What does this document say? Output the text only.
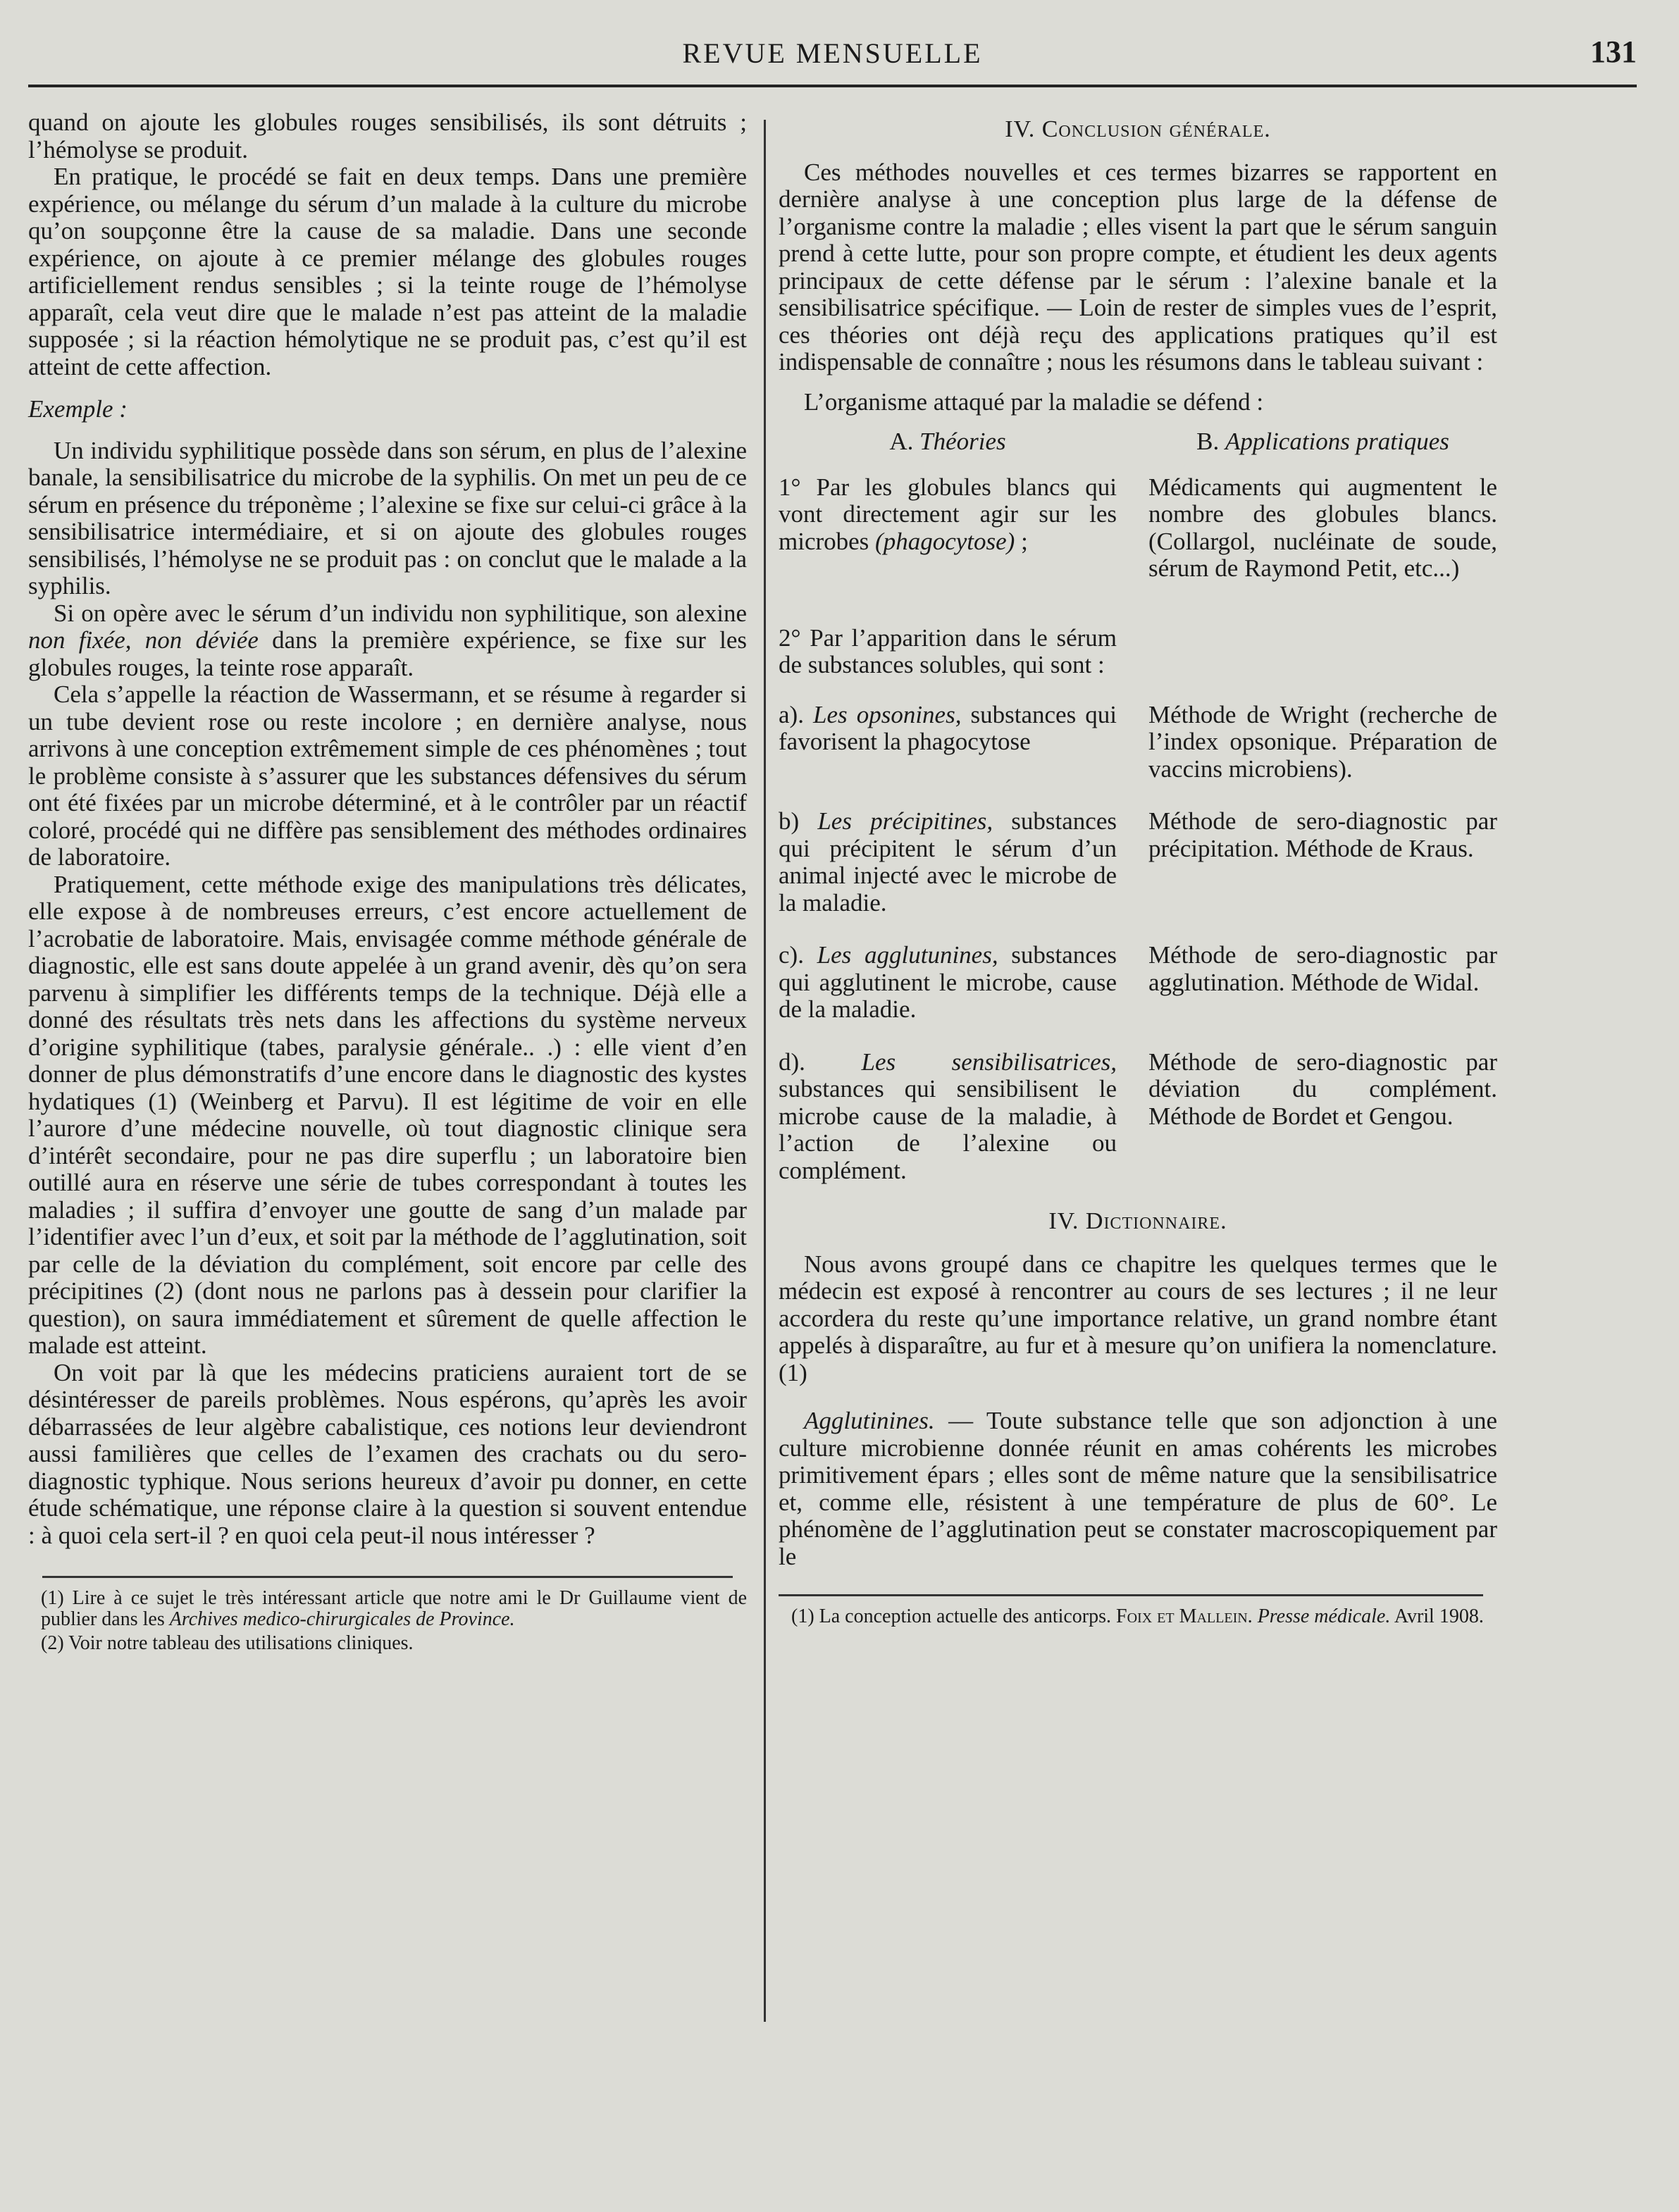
REVUE MENSUELLE	131

quand on ajoute les globules rouges sensibilisés, ils sont détruits ; l’hémolyse se produit.

En pratique, le procédé se fait en deux temps. Dans une première expérience, ou mélange du sérum d’un malade à la culture du microbe qu’on soupçonne être la cause de sa maladie. Dans une seconde expérience, on ajoute à ce premier mélange des globules rouges artificiellement rendus sensibles ; si la teinte rouge de l’hémolyse apparaît, cela veut dire que le malade n’est pas atteint de la maladie supposée ; si la réaction hémolytique ne se produit pas, c’est qu’il est atteint de cette affection.

Exemple :

Un individu syphilitique possède dans son sérum, en plus de l’alexine banale, la sensibilisatrice du microbe de la syphilis. On met un peu de ce sérum en présence du tréponème ; l’alexine se fixe sur celui-ci grâce à la sensibilisatrice intermédiaire, et si on ajoute des globules rouges sensibilisés, l’hémolyse ne se produit pas : on conclut que le malade a la syphilis.

Si on opère avec le sérum d’un individu non syphilitique, son alexine non fixée, non déviée dans la première expérience, se fixe sur les globules rouges, la teinte rose apparaît.

Cela s’appelle la réaction de Wassermann, et se résume à regarder si un tube devient rose ou reste incolore ; en dernière analyse, nous arrivons à une conception extrêmement simple de ces phénomènes ; tout le problème consiste à s’assurer que les substances défensives du sérum ont été fixées par un microbe déterminé, et à le contrôler par un réactif coloré, procédé qui ne diffère pas sensiblement des méthodes ordinaires de laboratoire.

Pratiquement, cette méthode exige des manipulations très délicates, elle expose à de nombreuses erreurs, c’est encore actuellement de l’acrobatie de laboratoire. Mais, envisagée comme méthode générale de diagnostic, elle est sans doute appelée à un grand avenir, dès qu’on sera parvenu à simplifier les différents temps de la technique. Déjà elle a donné des résultats très nets dans les affections du système nerveux d’origine syphilitique (tabes, paralysie générale.. .) : elle vient d’en donner de plus démonstratifs d’une encore dans le diagnostic des kystes hydatiques (1) (Weinberg et Parvu). Il est légitime de voir en elle l’aurore d’une médecine nouvelle, où tout diagnostic clinique sera d’intérêt secondaire, pour ne pas dire superflu ; un laboratoire bien outillé aura en réserve une série de tubes correspondant à toutes les maladies ; il suffira d’envoyer une goutte de sang d’un malade par l’identifier avec l’un d’eux, et soit par la méthode de l’agglutination, soit par celle de la déviation du complément, soit encore par celle des précipitines (2) (dont nous ne parlons pas à dessein pour clarifier la question), on saura immédiatement et sûrement de quelle affection le malade est atteint.

On voit par là que les médecins praticiens auraient tort de se désintéresser de pareils problèmes. Nous espérons, qu’après les avoir débarrassées de leur algèbre cabalistique, ces notions leur deviendront aussi familières que celles de l’examen des crachats ou du sero-diagnostic typhique. Nous serions heureux d’avoir pu donner, en cette étude schématique, une réponse claire à la question si souvent entendue : à quoi cela sert-il ? en quoi cela peut-il nous intéresser ?

(1) Lire à ce sujet le très intéressant article que notre ami le Dr Guillaume vient de publier dans les Archives medico-chirurgicales de Province.

(2) Voir notre tableau des utilisations cliniques.

IV. Conclusion générale.

Ces méthodes nouvelles et ces termes bizarres se rapportent en dernière analyse à une conception plus large de la défense de l’organisme contre la maladie ; elles visent la part que le sérum sanguin prend à cette lutte, pour son propre compte, et étudient les deux agents principaux de cette défense par le sérum : l’alexine banale et la sensibilisatrice spécifique. — Loin de rester de simples vues de l’esprit, ces théories ont déjà reçu des applications pratiques qu’il est indispensable de connaître ; nous les résumons dans le tableau suivant :

L’organisme attaqué par la maladie se défend :

A. Théories	B. Applications pratiques
1° Par les globules blancs qui vont directement agir sur les microbes (phagocytose) ;
Médicaments qui augmentent le nombre des globules blancs. (Collargol, nucléinate de soude, sérum de Raymond Petit, etc...)
2° Par l’apparition dans le sérum de substances solubles, qui sont :
a). Les opsonines, substances qui favorisent la phagocytose
Méthode de Wright (recherche de l’index opsonique. Préparation de vaccins microbiens).
b) Les précipitines, substances qui précipitent le sérum d’un animal injecté avec le microbe de la maladie.
Méthode de sero-diagnostic par précipitation. Méthode de Kraus.
c). Les agglutunines, substances qui agglutinent le microbe, cause de la maladie.
Méthode de sero-diagnostic par agglutination. Méthode de Widal.
d). Les sensibilisatrices, substances qui sensibilisent le microbe cause de la maladie, à l’action de l’alexine ou complément.
Méthode de sero-diagnostic par déviation du complément. Méthode de Bordet et Gengou.
IV. Dictionnaire.

Nous avons groupé dans ce chapitre les quelques termes que le médecin est exposé à rencontrer au cours de ses lectures ; il ne leur accordera du reste qu’une importance relative, un grand nombre étant appelés à disparaître, au fur et à mesure qu’on unifiera la nomenclature. (1)

Agglutinines. — Toute substance telle que son adjonction à une culture microbienne donnée réunit en amas cohérents les microbes primitivement épars ; elles sont de même nature que la sensibilisatrice et, comme elle, résistent à une température de plus de 60°. Le phénomène de l’agglutination peut se constater macroscopiquement par le

(1) La conception actuelle des anticorps. Foix et Mallein. Presse médicale. Avril 1908.
